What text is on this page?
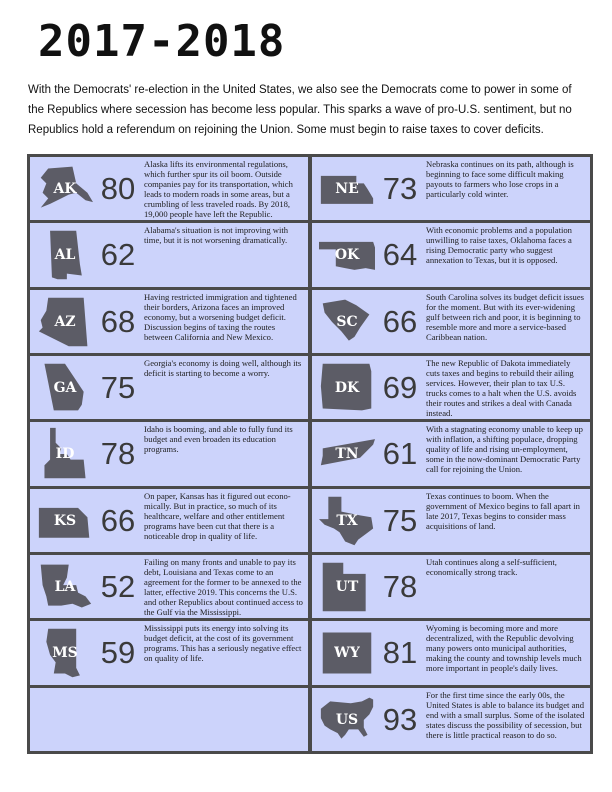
2017-2018

With the Democrats' re-election in the United States, we also see the Democrats come to power in some of the Republics where secession has become less popular. This sparks a wave of pro-U.S. sentiment, but no Republics hold a referendum on rejoining the Union. Some must begin to raise taxes to cover deficits.

AK 80

Alaska lifts its environmental regulations, which further spur its oil boom. Outside companies pay for its transportation, which leads to modern roads in some areas, but a crumbling of less traveled roads. By 2018, 19,000 people have left the Republic.

NE 73

Nebraska continues on its path, although is beginning to face some difficult making payouts to farmers who lose crops in a particularly cold winter.

AL 62

Alabama's situation is not improving with time, but it is not worsening dramatically.

OK 64

With economic problems and a population unwilling to raise taxes, Oklahoma faces a rising Democratic party who suggest annexation to Texas, but it is opposed.

AZ 68

Having restricted immigration and tightened their borders, Arizona faces an improved economy, but a worsening budget deficit. Discussion begins of taxing the routes between California and New Mexico.

SC 66

South Carolina solves its budget deficit issues for the moment. But with its ever-widening gulf between rich and poor, it is beginning to resemble more and more a service-based Caribbean nation.

GA 75

Georgia's economy is doing well, although its deficit is starting to become a worry.

DK 69

The new Republic of Dakota immediately cuts taxes and begins to rebuild their ailing services. However, their plan to tax U.S. trucks comes to a halt when the U.S. avoids their routes and strikes a deal with Canada instead.

ID 78

Idaho is booming, and able to fully fund its budget and even broaden its education programs.	TN 61

With a stagnating economy unable to keep up with inflation, a shifting populace, dropping quality of life and rising un-employment, some in the now-dominant Democratic Party call for rejoining the Union.

KS 66

On paper, Kansas has it figured out econo-mically. But in practice, so much of its healthcare, welfare and other entitlement programs have been cut that there is a noticeable drop in quality of life.

TX 75

Texas continues to boom. When the government of Mexico begins to fall apart in late 2017, Texas begins to consider mass acquisitions of land.

LA 52

Failing on many fronts and unable to pay its debt, Louisiana and Texas come to an agreement for the former to be annexed to the latter, effective 2019. This concerns the U.S. and other Republics about continued access to the Gulf via the Mississippi.

UT 78

Utah continues along a self-sufficient, economically strong track.

MS 59

Mississippi puts its energy into solving its budget deficit, at the cost of its government programs. This has a seriously negative effect on quality of life.	WY 81

Wyoming is becoming more and more decentralized, with the Republic devolving many powers onto municipal authorities, making the county and township levels much more important in people's daily lives.

US 93

For the first time since the early 00s, the United States is able to balance its budget and end with a small surplus. Some of the isolated states discuss the possibility of secession, but there is little practical reason to do so.
